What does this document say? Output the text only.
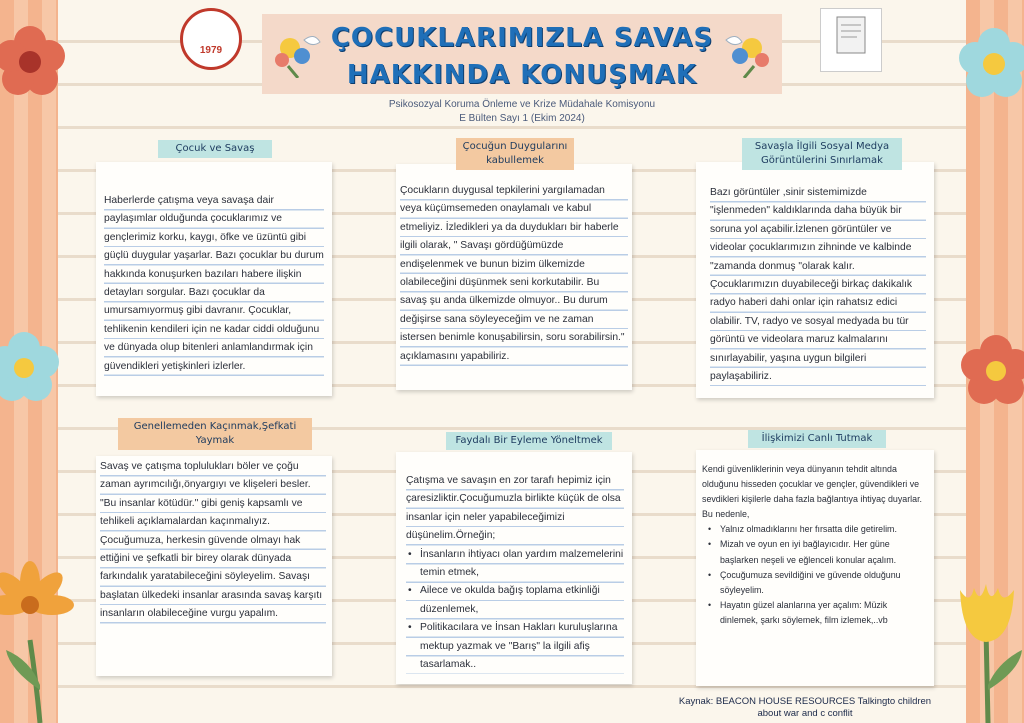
1979	ÇOCUKLARIMIZLA SAVAŞ
HAKKINDA KONUŞMAK
Psikosozyal Koruma Önleme ve Krize Müdahale Komisyonu
E Bülten Sayı 1 (Ekim 2024)

Haberlerde çatışma veya savaşa dair paylaşımlar olduğunda çocuklarımız ve gençlerimiz korku, kaygı, öfke ve üzüntü gibi güçlü duygular yaşarlar. Bazı çocuklar bu durum hakkında konuşurken bazıları habere ilişkin detayları sorgular. Bazı çocuklar da umursamıyormuş gibi davranır. Çocuklar, tehlikenin kendileri için ne kadar ciddi olduğunu ve dünyada olup bitenleri anlamlandırmak için güvendikleri yetişkinleri izlerler.

Çocuk ve Savaş

Çocukların duygusal tepkilerini yargılamadan veya küçümsemeden onaylamalı ve kabul etmeliyiz. İzledikleri ya da duydukları bir haberle ilgili olarak, " Savaşı gördüğümüzde endişelenmek ve bunun bizim ülkemizde olabileceğini düşünmek seni korkutabilir. Bu savaş şu anda ülkemizde olmuyor.. Bu durum değişirse sana söyleyeceğim ve ne zaman istersen benimle konuşabilirsin, soru sorabilirsin." açıklamasını yapabiliriz.

Çocuğun Duygularını
kabullemek

Bazı görüntüler ,sinir sistemimizde "işlenmeden" kaldıklarında daha büyük bir soruna yol açabilir.İzlenen görüntüler ve videolar çocuklarımızın zihninde ve kalbinde "zamanda donmuş "olarak kalır. Çocuklarımızın duyabileceği birkaç dakikalık radyo haberi dahi onlar için rahatsız edici olabilir. TV, radyo ve sosyal medyada bu tür görüntü ve videolara maruz kalmalarını sınırlayabilir, yaşına uygun bilgileri paylaşabiliriz.

Savaşla İlgili Sosyal Medya
Görüntülerini Sınırlamak

Savaş ve çatışma toplulukları böler ve çoğu zaman ayrımcılığı,önyargıyı ve klişeleri besler.
"Bu insanlar kötüdür." gibi geniş kapsamlı ve tehlikeli açıklamalardan kaçınmalıyız. Çocuğumuza, herkesin güvende olmayı hak ettiğini ve şefkatli bir birey olarak dünyada farkındalık yaratabileceğini söyleyelim. Savaşı başlatan ülkedeki insanlar arasında savaş karşıtı insanların olabileceğine vurgu yapalım.

Genellemeden Kaçınmak,Şefkati
Yaymak

Çatışma ve savaşın en zor tarafı hepimiz için çaresizliktir.Çocuğumuzla birlikte küçük de olsa insanlar için neler yapabileceğimizi düşünelim.Örneğin;

• İnsanların ihtiyacı olan yardım malzemelerini temin etmek,
• Ailece ve okulda bağış toplama etkinliği düzenlemek,
• Politikacılara ve İnsan Hakları kuruluşlarına mektup yazmak ve "Barış" la ilgili afiş tasarlamak..
Faydalı Bir Eyleme Yöneltmek

Kendi güvenliklerinin veya dünyanın tehdit altında olduğunu hisseden çocuklar ve gençler, güvendikleri ve sevdikleri kişilerle daha fazla bağlantıya ihtiyaç duyarlar. Bu nedenle,

• Yalnız olmadıklarını her fırsatta dile getirelim.
• Mizah ve oyun en iyi bağlayıcıdır. Her güne başlarken neşeli ve eğlenceli konular açalım.
• Çocuğumuza sevildiğini ve güvende olduğunu söyleyelim.
• Hayatın güzel alanlarına yer açalım: Müzik dinlemek, şarkı söylemek, film izlemek,..vb
İlişkimizi Canlı Tutmak
Kaynak: BEACON HOUSE RESOURCES Talkingto children
about war and c conflit
